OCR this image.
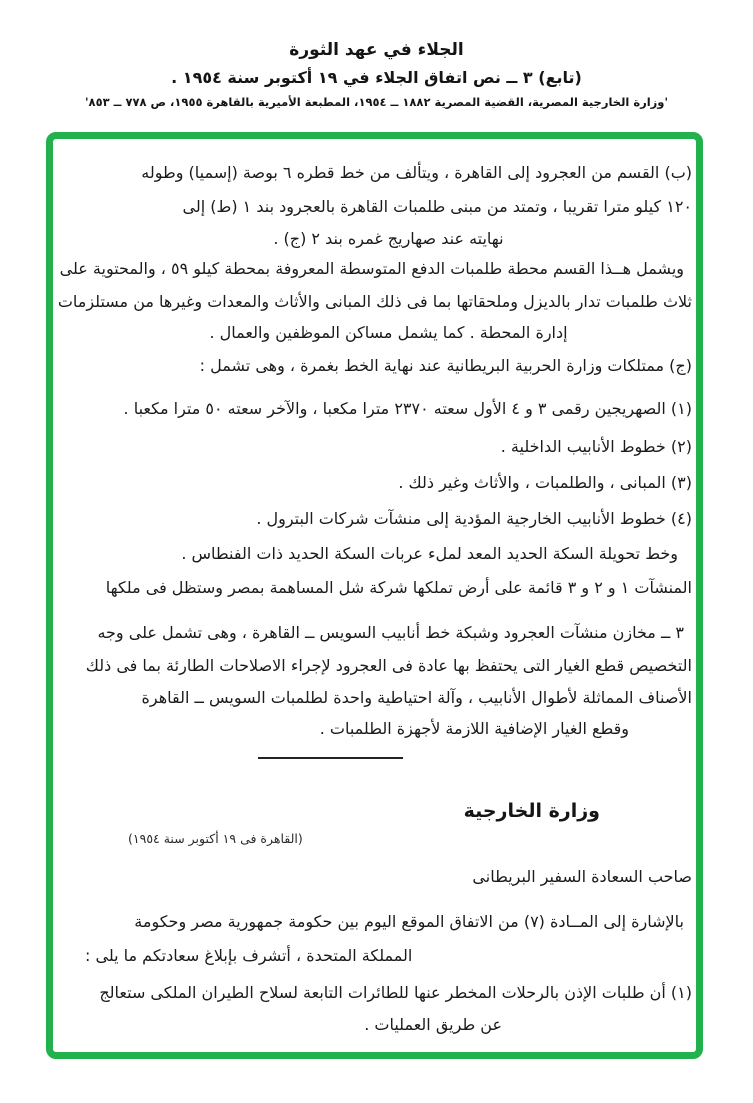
الجلاء في عهد الثورة
(تابع) ٣ ــ نص اتفاق الجلاء في ١٩ أكتوبر سنة ١٩٥٤ .
'وزارة الخارجية المصرية، القضية المصرية ١٨٨٢ ــ ١٩٥٤، المطبعة الأميرية بالقاهرة ١٩٥٥، ص ٧٧٨ ــ ٨٥٣'
(ب) القسم من العجرود إلى القاهرة ، ويتألف من خط قطره ٦ بوصة (إسميا) وطوله
١٢٠ كيلو مترا تقريبا ، وتمتد من مبنى طلمبات القاهرة بالعجرود بند ١ (ط) إلى
نهايته عند صهاريج غمره بند ٢ (ج) .
ويشمل هــذا القسم محطة طلمبات الدفع المتوسطة المعروفة بمحطة كيلو ٥٩ ، والمحتوية على
ثلاث طلمبات تدار بالديزل وملحقاتها بما فى ذلك المبانى والأثاث والمعدات وغيرها من مستلزمات
إدارة المحطة . كما يشمل مساكن الموظفين والعمال .
(ج) ممتلكات وزارة الحربية البريطانية عند نهاية الخط بغمرة ، وهى تشمل :
(١) الصهريجين رقمى ٣ و ٤ الأول سعته ٢٣٧٠ مترا مكعبا ، والآخر سعته ٥٠ مترا مكعبا .
(٢) خطوط الأنابيب الداخلية .
(٣) المبانى ، والطلمبات ، والأثاث وغير ذلك .
(٤) خطوط الأنابيب الخارجية المؤدية إلى منشآت شركات البترول .
وخط تحويلة السكة الحديد المعد لملء عربات السكة الحديد ذات الفنطاس .
المنشآت ١ و ٢ و ٣ قائمة على أرض تملكها شركة شل المساهمة بمصر وستظل فى ملكها
٣ ــ مخازن منشآت العجرود وشبكة خط أنابيب السويس ــ القاهرة ، وهى تشمل على وجه
التخصيص قطع الغيار التى يحتفظ بها عادة فى العجرود لإجراء الاصلاحات الطارئة بما فى ذلك
الأصناف المماثلة لأطوال الأنابيب ، وآلة احتياطية واحدة لطلمبات السويس ــ القاهرة
وقطع الغيار الإضافية اللازمة لأجهزة الطلمبات .
وزارة الخارجية
(القاهرة فى ١٩ أكتوبر سنة ١٩٥٤)
صاحب السعادة السفير البريطانى
بالإشارة إلى المــادة (٧) من الاتفاق الموقع اليوم بين حكومة جمهورية مصر وحكومة
المملكة المتحدة ، أتشرف بإبلاغ سعادتكم ما يلى :
(١) أن طلبات الإذن بالرحلات المخطر عنها للطائرات التابعة لسلاح الطيران الملكى ستعالج
عن طريق العمليات .
